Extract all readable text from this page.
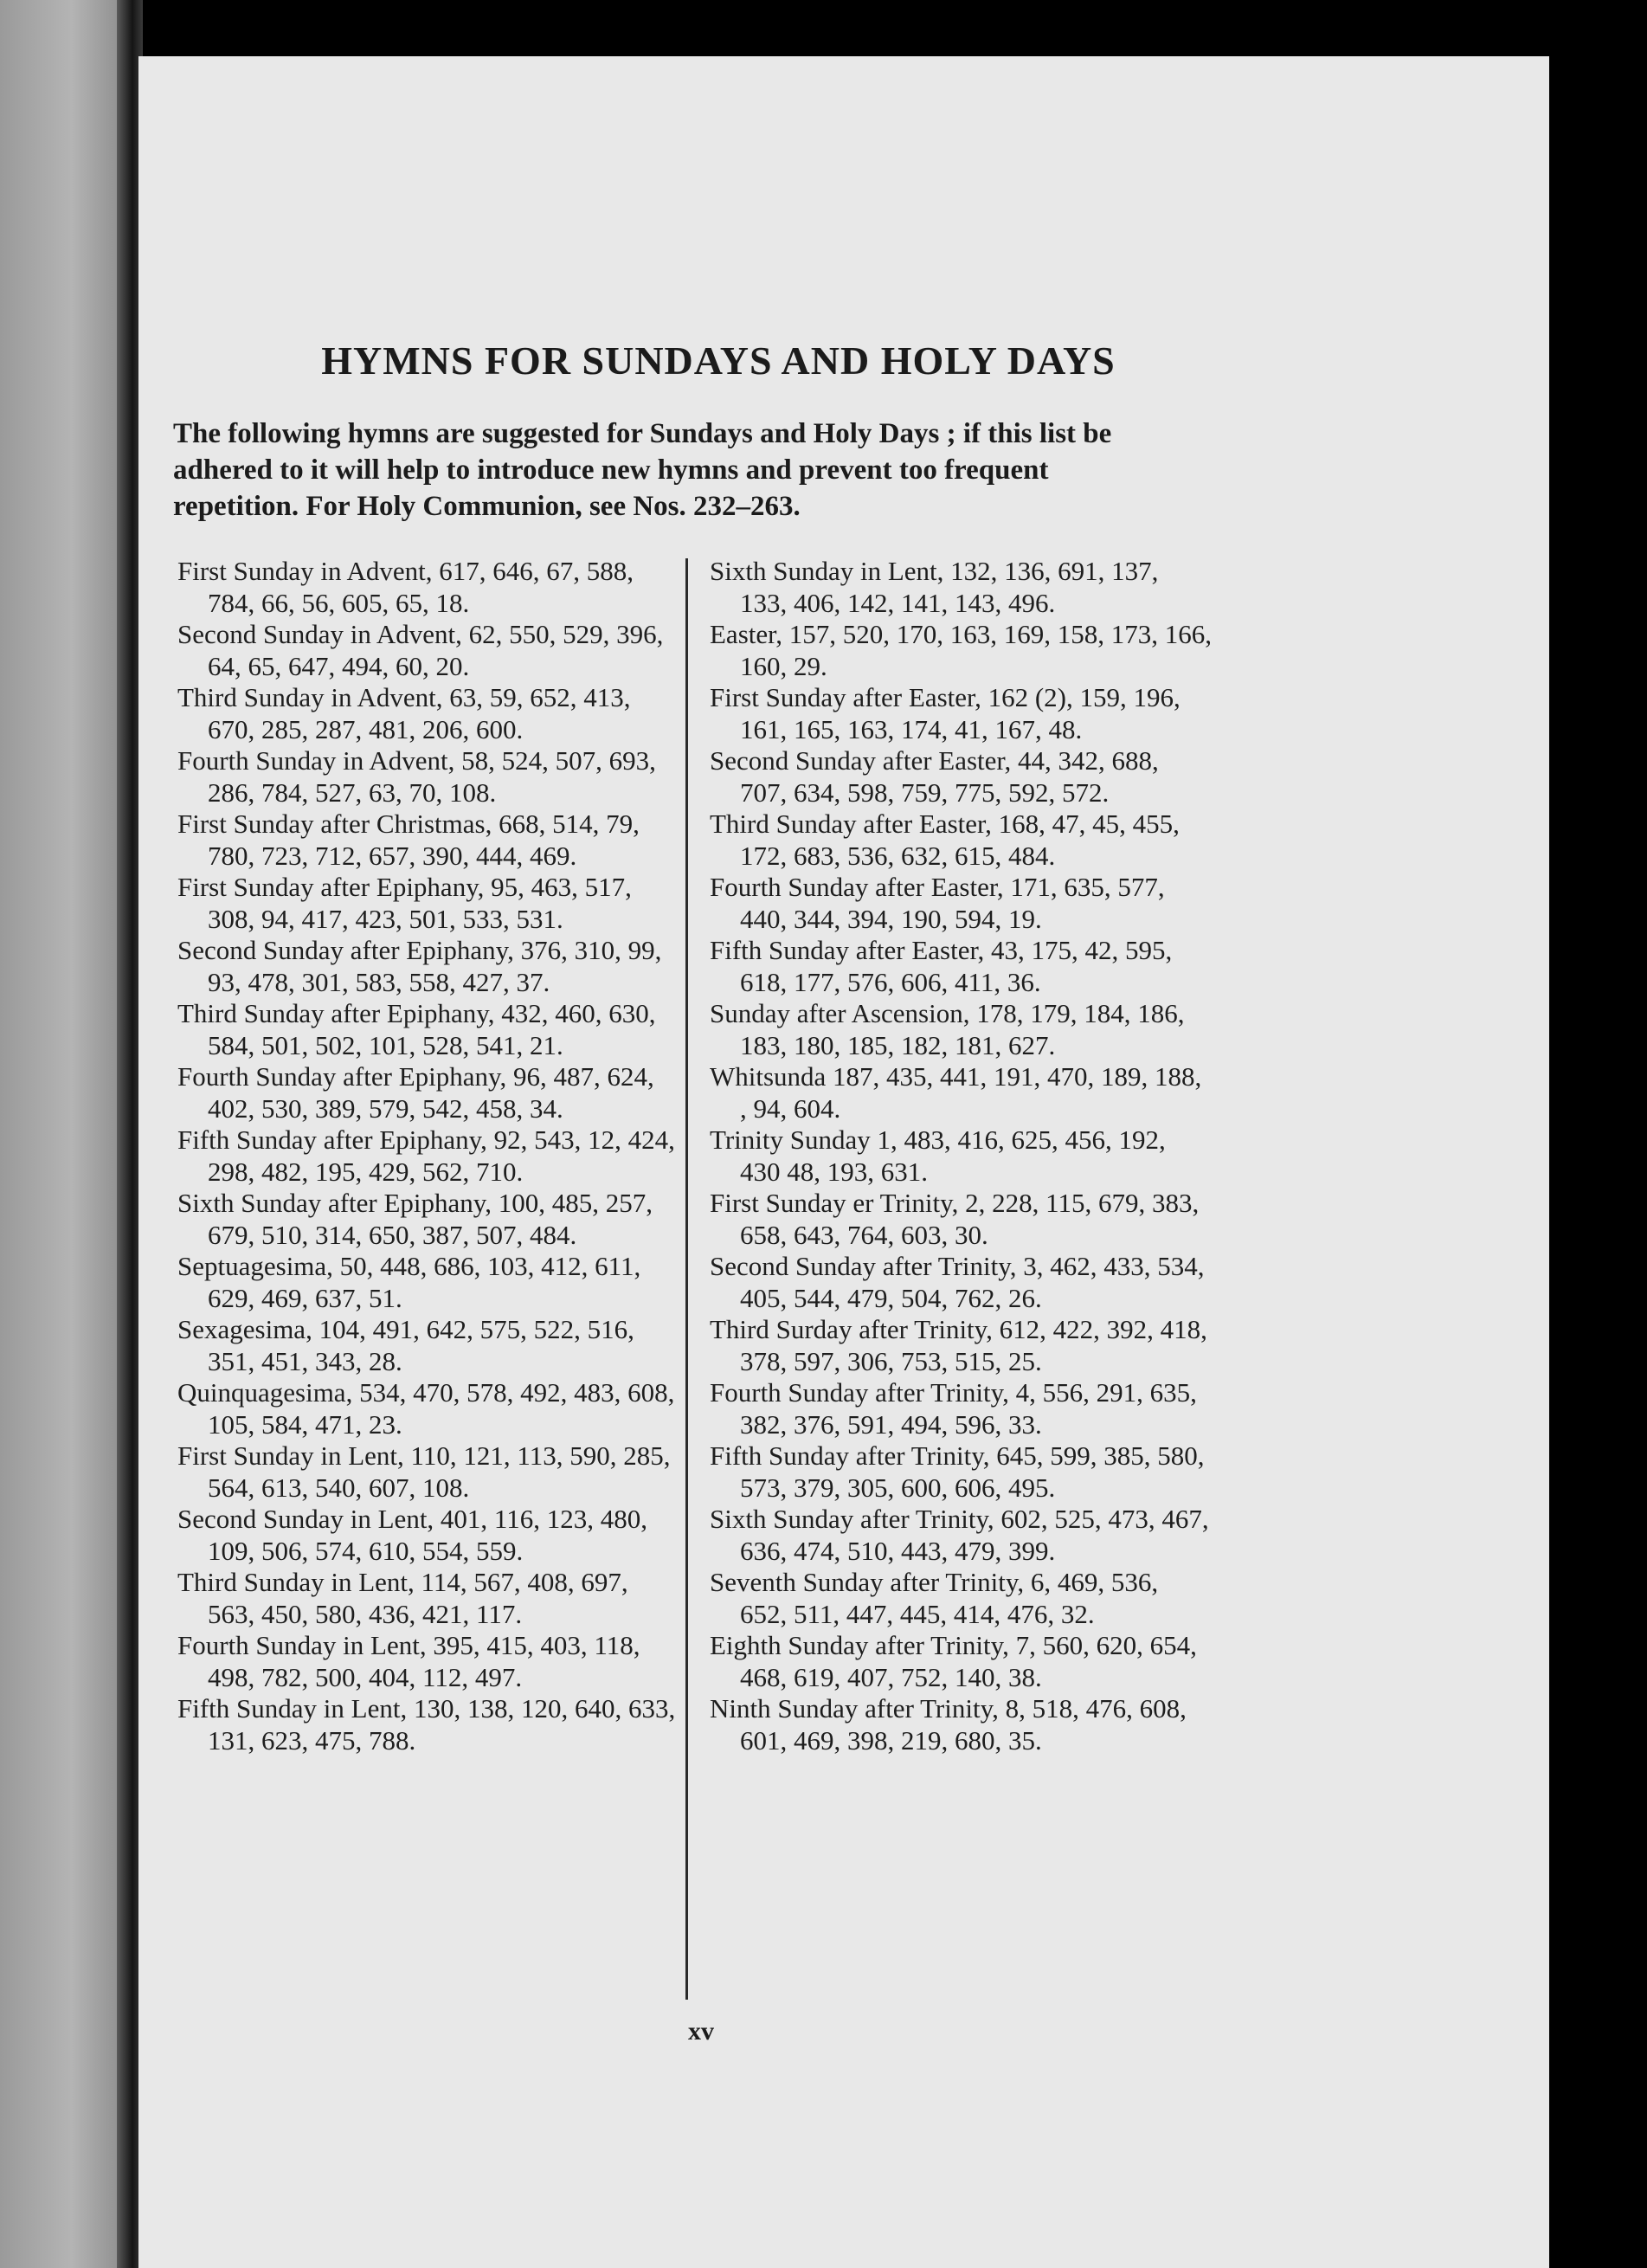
HYMNS FOR SUNDAYS AND HOLY DAYS

The following hymns are suggested for Sundays and Holy Days ; if this list be adhered to it will help to introduce new hymns and prevent too frequent repetition. For Holy Communion, see Nos. 232–263.

First Sunday in Advent, 617, 646, 67, 588, 784, 66, 56, 605, 65, 18.
Second Sunday in Advent, 62, 550, 529, 396, 64, 65, 647, 494, 60, 20.
Third Sunday in Advent, 63, 59, 652, 413, 670, 285, 287, 481, 206, 600.
Fourth Sunday in Advent, 58, 524, 507, 693, 286, 784, 527, 63, 70, 108.
First Sunday after Christmas, 668, 514, 79, 780, 723, 712, 657, 390, 444, 469.
First Sunday after Epiphany, 95, 463, 517, 308, 94, 417, 423, 501, 533, 531.
Second Sunday after Epiphany, 376, 310, 99, 93, 478, 301, 583, 558, 427, 37.
Third Sunday after Epiphany, 432, 460, 630, 584, 501, 502, 101, 528, 541, 21.
Fourth Sunday after Epiphany, 96, 487, 624, 402, 530, 389, 579, 542, 458, 34.
Fifth Sunday after Epiphany, 92, 543, 12, 424, 298, 482, 195, 429, 562, 710.
Sixth Sunday after Epiphany, 100, 485, 257, 679, 510, 314, 650, 387, 507, 484.
Septuagesima, 50, 448, 686, 103, 412, 611, 629, 469, 637, 51.
Sexagesima, 104, 491, 642, 575, 522, 516, 351, 451, 343, 28.
Quinquagesima, 534, 470, 578, 492, 483, 608, 105, 584, 471, 23.
First Sunday in Lent, 110, 121, 113, 590, 285, 564, 613, 540, 607, 108.
Second Sunday in Lent, 401, 116, 123, 480, 109, 506, 574, 610, 554, 559.
Third Sunday in Lent, 114, 567, 408, 697, 563, 450, 580, 436, 421, 117.
Fourth Sunday in Lent, 395, 415, 403, 118, 498, 782, 500, 404, 112, 497.
Fifth Sunday in Lent, 130, 138, 120, 640, 633, 131, 623, 475, 788.
Sixth Sunday in Lent, 132, 136, 691, 137, 133, 406, 142, 141, 143, 496.
Easter, 157, 520, 170, 163, 169, 158, 173, 166, 160, 29.
First Sunday after Easter, 162 (2), 159, 196, 161, 165, 163, 174, 41, 167, 48.
Second Sunday after Easter, 44, 342, 688, 707, 634, 598, 759, 775, 592, 572.
Third Sunday after Easter, 168, 47, 45, 455, 172, 683, 536, 632, 615, 484.
Fourth Sunday after Easter, 171, 635, 577, 440, 344, 394, 190, 594, 19.
Fifth Sunday after Easter, 43, 175, 42, 595, 618, 177, 576, 606, 411, 36.
Sunday after Ascension, 178, 179, 184, 186, 183, 180, 185, 182, 181, 627.
Whitsunda 187, 435, 441, 191, 470, 189, 188, , 94, 604.
Trinity Sunday 1, 483, 416, 625, 456, 192, 430 48, 193, 631.
First Sunday er Trinity, 2, 228, 115, 679, 383, 658, 643, 764, 603, 30.
Second Sunday after Trinity, 3, 462, 433, 534, 405, 544, 479, 504, 762, 26.
Third Surday after Trinity, 612, 422, 392, 418, 378, 597, 306, 753, 515, 25.
Fourth Sunday after Trinity, 4, 556, 291, 635, 382, 376, 591, 494, 596, 33.
Fifth Sunday after Trinity, 645, 599, 385, 580, 573, 379, 305, 600, 606, 495.
Sixth Sunday after Trinity, 602, 525, 473, 467, 636, 474, 510, 443, 479, 399.
Seventh Sunday after Trinity, 6, 469, 536, 652, 511, 447, 445, 414, 476, 32.
Eighth Sunday after Trinity, 7, 560, 620, 654, 468, 619, 407, 752, 140, 38.
Ninth Sunday after Trinity, 8, 518, 476, 608, 601, 469, 398, 219, 680, 35.
xv
